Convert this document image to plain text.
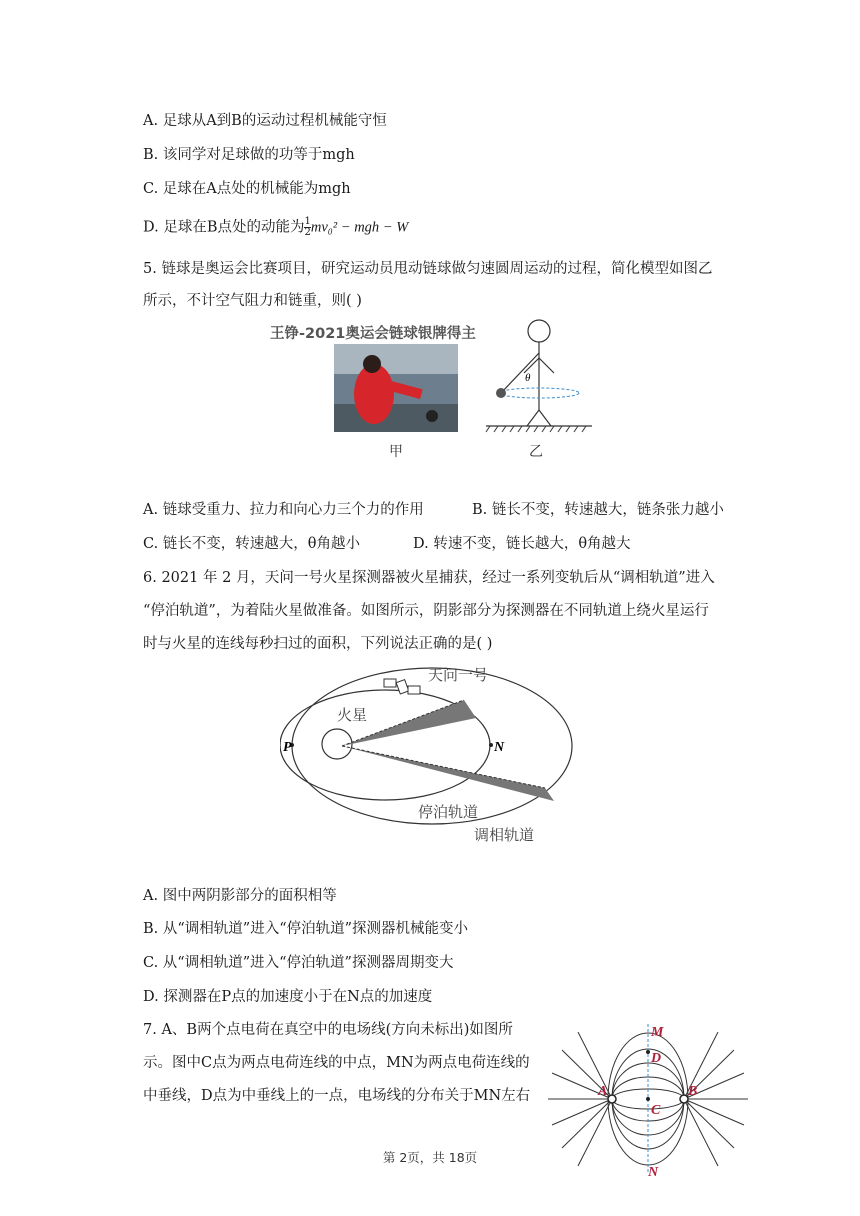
A. 足球从A到B的运动过程机械能守恒
B. 该同学对足球做的功等于mgh
C. 足球在A点处的机械能为mgh
D. 足球在B点处的动能为 $\frac{1}{2} mv_0^2$ − mgh − W
5. 链球是奥运会比赛项目，研究运动员甩动链球做匀速圆周运动的过程，简化模型如图乙
所示，不计空气阻力和链重，则( )
王铮-2021奥运会链球银牌得主
甲
θ
乙
A. 链球受重力、拉力和向心力三个力的作用	B. 链长不变，转速越大，链条张力越小
C. 链长不变，转速越大，θ角越小	D. 转速不变，链长越大，θ角越大
6. 2021 年 2 月，天问一号火星探测器被火星捕获，经过一系列变轨后从“调相轨道”进入
“停泊轨道”，为着陆火星做准备。如图所示，阴影部分为探测器在不同轨道上绕火星运行
时与火星的连线每秒扫过的面积，下列说法正确的是( )
天问一号
火星
P	N
停泊轨道
调相轨道
A. 图中两阴影部分的面积相等
B. 从“调相轨道”进入“停泊轨道”探测器机械能变小
C. 从“调相轨道”进入“停泊轨道”探测器周期变大
D. 探测器在P点的加速度小于在N点的加速度
7. A、B两个点电荷在真空中的电场线(方向未标出)如图所
示。图中C点为两点电荷连线的中点，MN为两点电荷连线的
中垂线，D点为中垂线上的一点，电场线的分布关于MN左右
M
D
A	B
C
N
第 2页，共 18页
